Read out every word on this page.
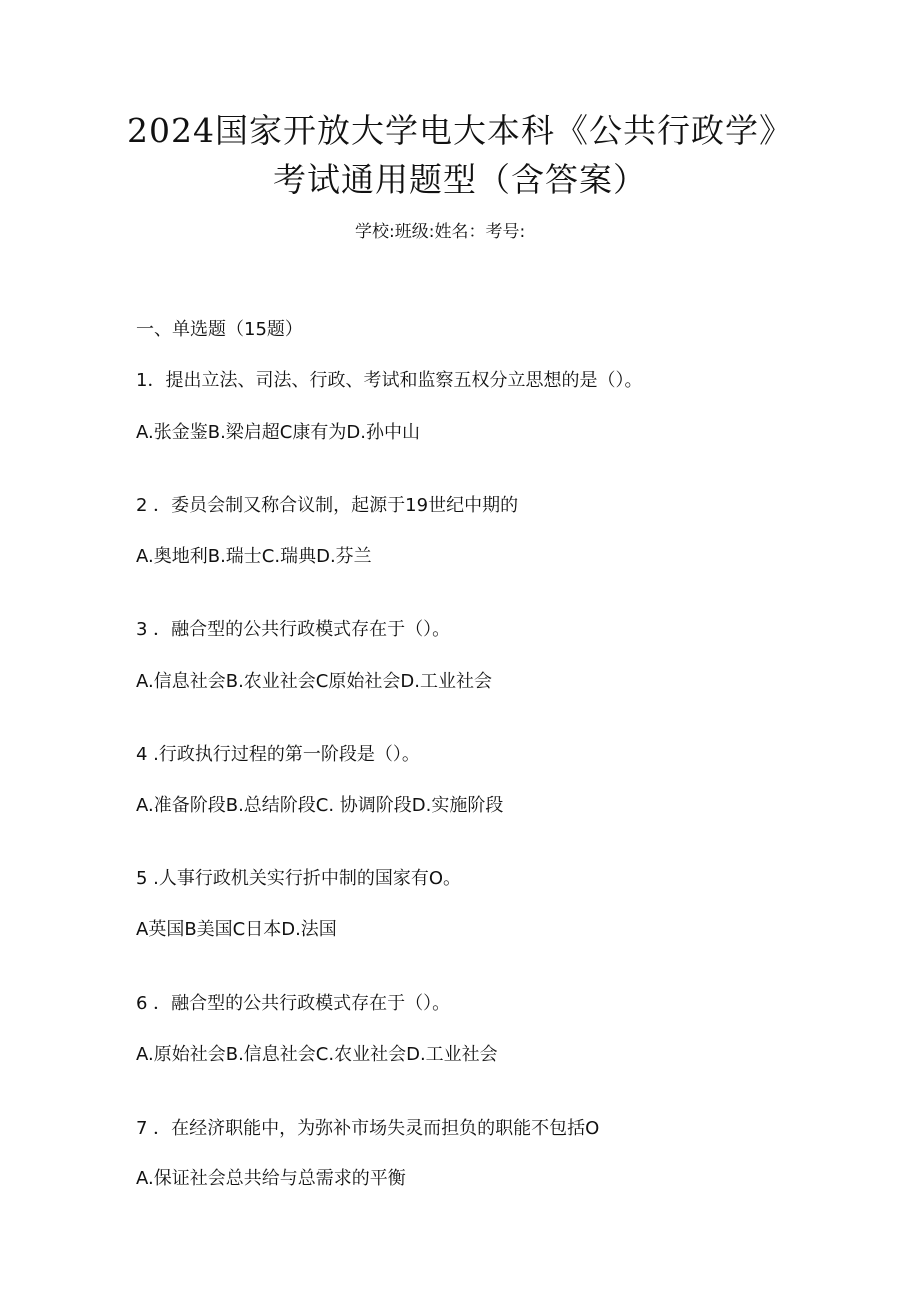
2024国家开放大学电大本科《公共行政学》
考试通用题型（含答案）
学校:班级:姓名：考号:
一、单选题（15题）
1．提出立法、司法、行政、考试和监察五权分立思想的是（）。
A.张金鉴B.梁启超C康有为D.孙中山
2 ．委员会制又称合议制，起源于19世纪中期的
A.奥地利B.瑞士C.瑞典D.芬兰
3 ．融合型的公共行政模式存在于（）。
A.信息社会B.农业社会C原始社会D.工业社会
4 .行政执行过程的第一阶段是（）。
A.准备阶段B.总结阶段C. 协调阶段D.实施阶段
5 .人事行政机关实行折中制的国家有O。
A英国B美国C日本D.法国
6 ．融合型的公共行政模式存在于（）。
A.原始社会B.信息社会C.农业社会D.工业社会
7 ．在经济职能中，为弥补市场失灵而担负的职能不包括O
A.保证社会总共给与总需求的平衡
